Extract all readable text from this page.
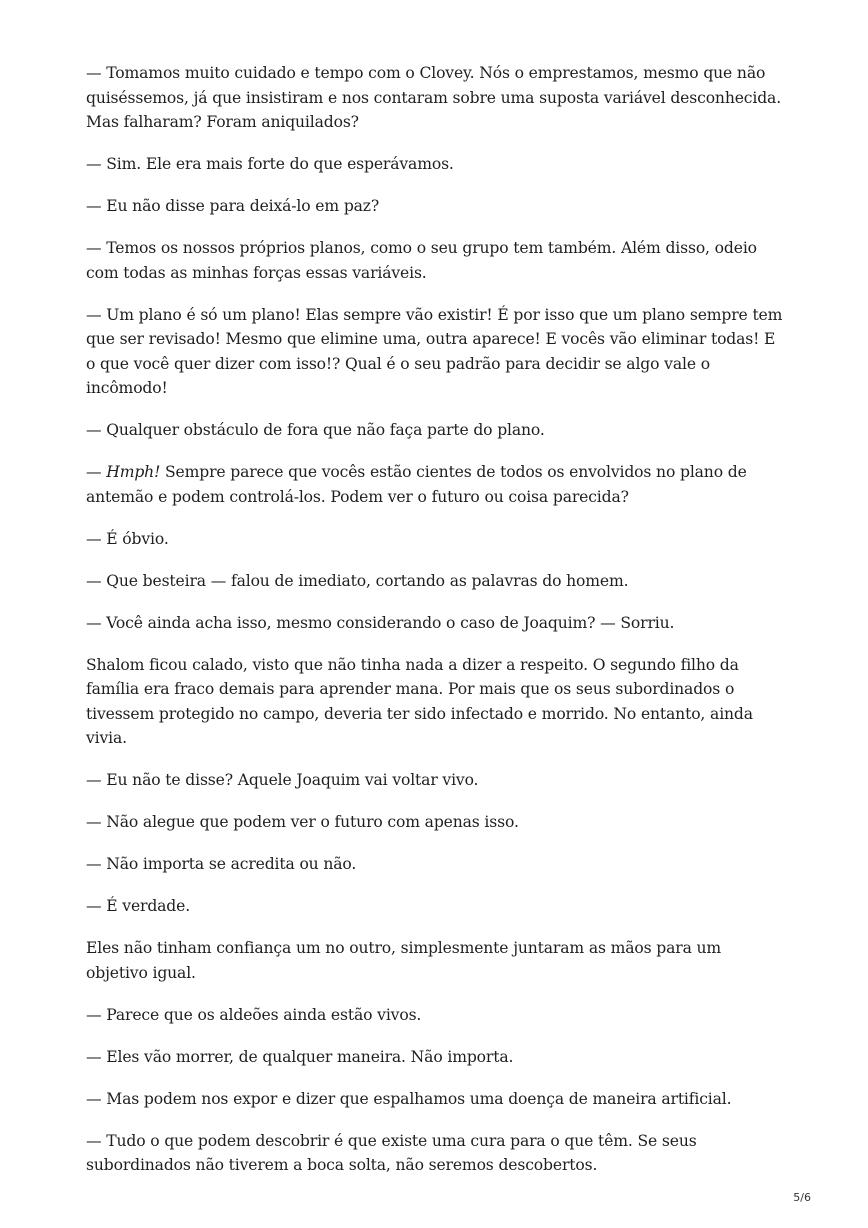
— Tomamos muito cuidado e tempo com o Clovey. Nós o emprestamos, mesmo que não quiséssemos, já que insistiram e nos contaram sobre uma suposta variável desconhecida. Mas falharam? Foram aniquilados?

— Sim. Ele era mais forte do que esperávamos.

— Eu não disse para deixá-lo em paz?

— Temos os nossos próprios planos, como o seu grupo tem também. Além disso, odeio com todas as minhas forças essas variáveis.

— Um plano é só um plano! Elas sempre vão existir! É por isso que um plano sempre tem que ser revisado! Mesmo que elimine uma, outra aparece! E vocês vão eliminar todas! E o que você quer dizer com isso!? Qual é o seu padrão para decidir se algo vale o incômodo!

— Qualquer obstáculo de fora que não faça parte do plano.

— Hmph! Sempre parece que vocês estão cientes de todos os envolvidos no plano de antemão e podem controlá-los. Podem ver o futuro ou coisa parecida?

— É óbvio.

— Que besteira — falou de imediato, cortando as palavras do homem.

— Você ainda acha isso, mesmo considerando o caso de Joaquim? — Sorriu.

Shalom ficou calado, visto que não tinha nada a dizer a respeito. O segundo filho da família era fraco demais para aprender mana. Por mais que os seus subordinados o tivessem protegido no campo, deveria ter sido infectado e morrido. No entanto, ainda vivia.

— Eu não te disse? Aquele Joaquim vai voltar vivo.

— Não alegue que podem ver o futuro com apenas isso.

— Não importa se acredita ou não.

— É verdade.

Eles não tinham confiança um no outro, simplesmente juntaram as mãos para um objetivo igual.

— Parece que os aldeões ainda estão vivos.

— Eles vão morrer, de qualquer maneira. Não importa.

— Mas podem nos expor e dizer que espalhamos uma doença de maneira artificial.

— Tudo o que podem descobrir é que existe uma cura para o que têm. Se seus subordinados não tiverem a boca solta, não seremos descobertos.

5/6
